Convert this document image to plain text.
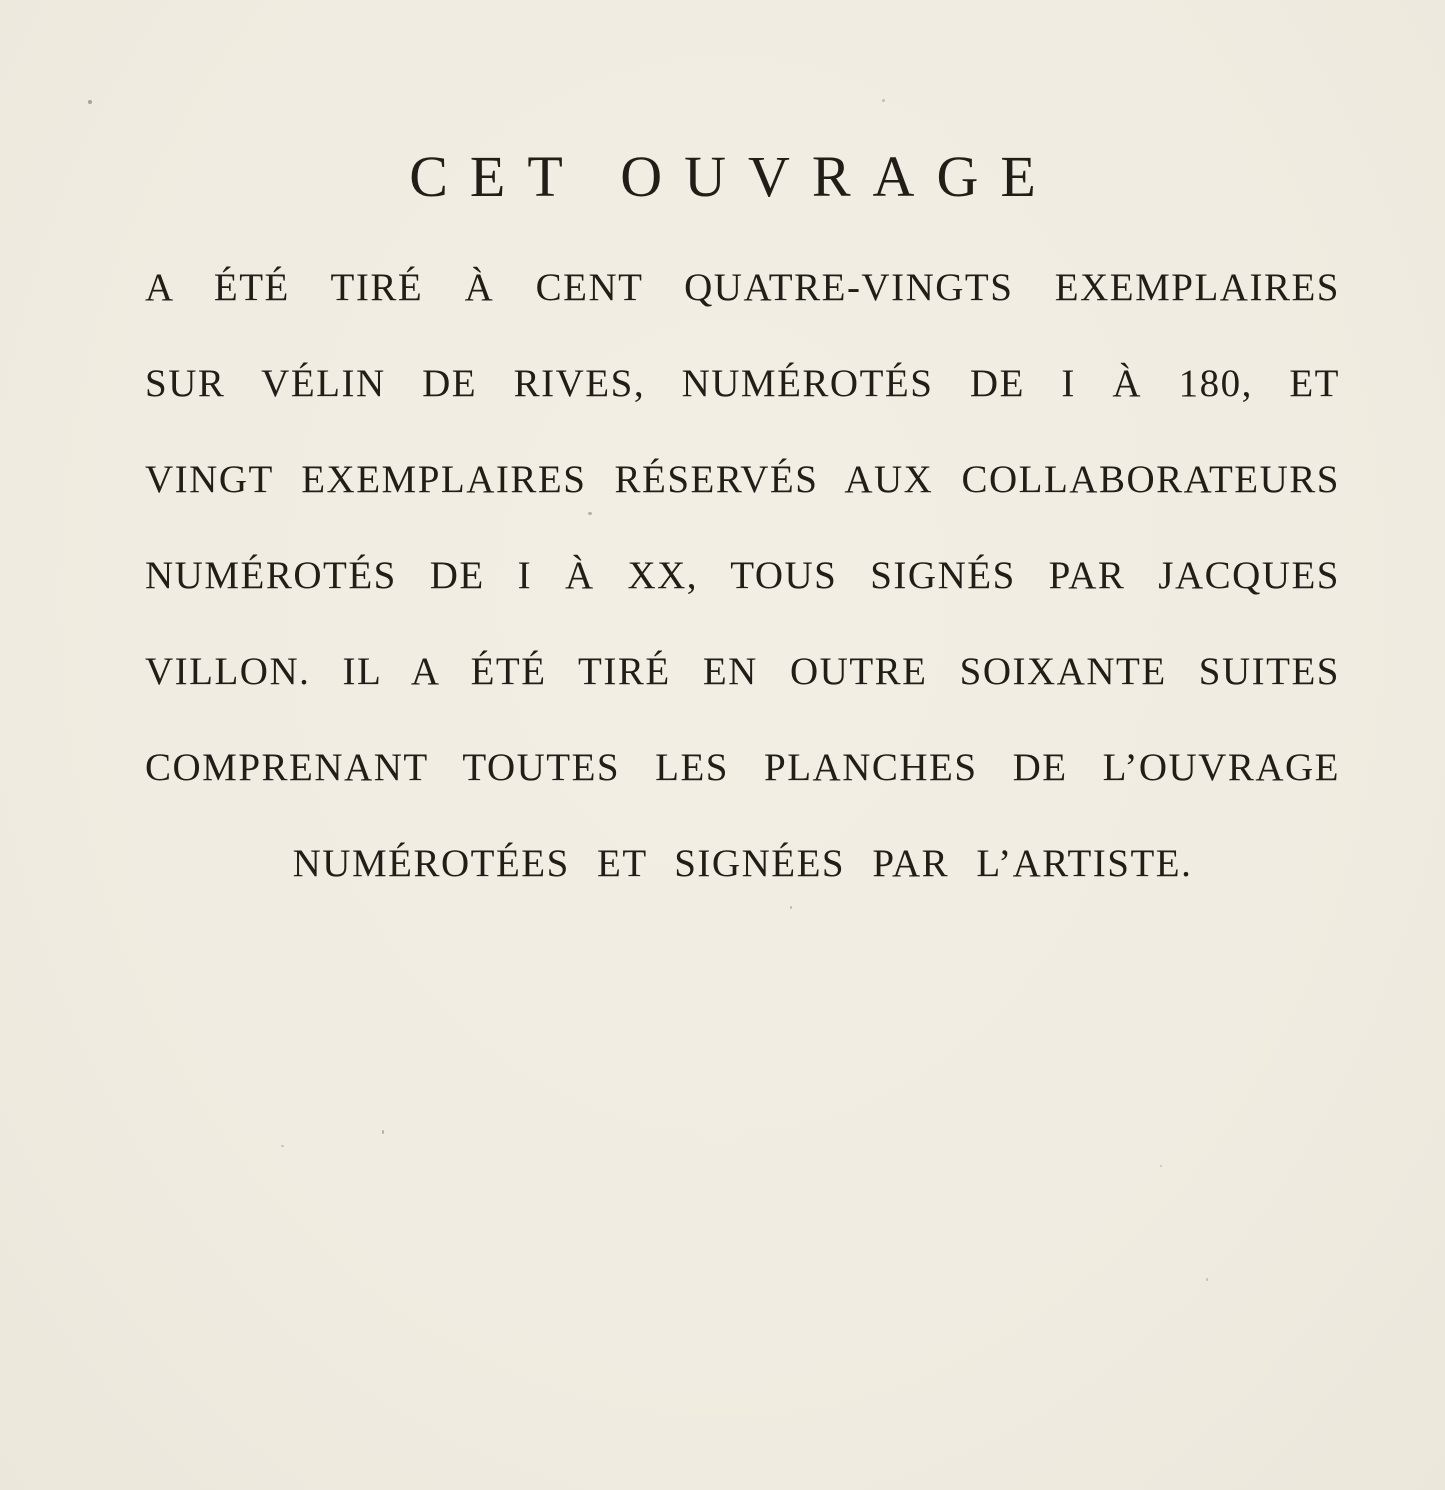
CET OUVRAGE
A ÉTÉ TIRÉ À CENT QUATRE-VINGTS EXEMPLAIRES
SUR VÉLIN DE RIVES, NUMÉROTÉS DE I À 180, ET
VINGT EXEMPLAIRES RÉSERVÉS AUX COLLABORATEURS
NUMÉROTÉS DE I À XX, TOUS SIGNÉS PAR JACQUES
VILLON. IL A ÉTÉ TIRÉ EN OUTRE SOIXANTE SUITES
COMPRENANT TOUTES LES PLANCHES DE L’OUVRAGE
NUMÉROTÉES ET SIGNÉES PAR L’ARTISTE.
